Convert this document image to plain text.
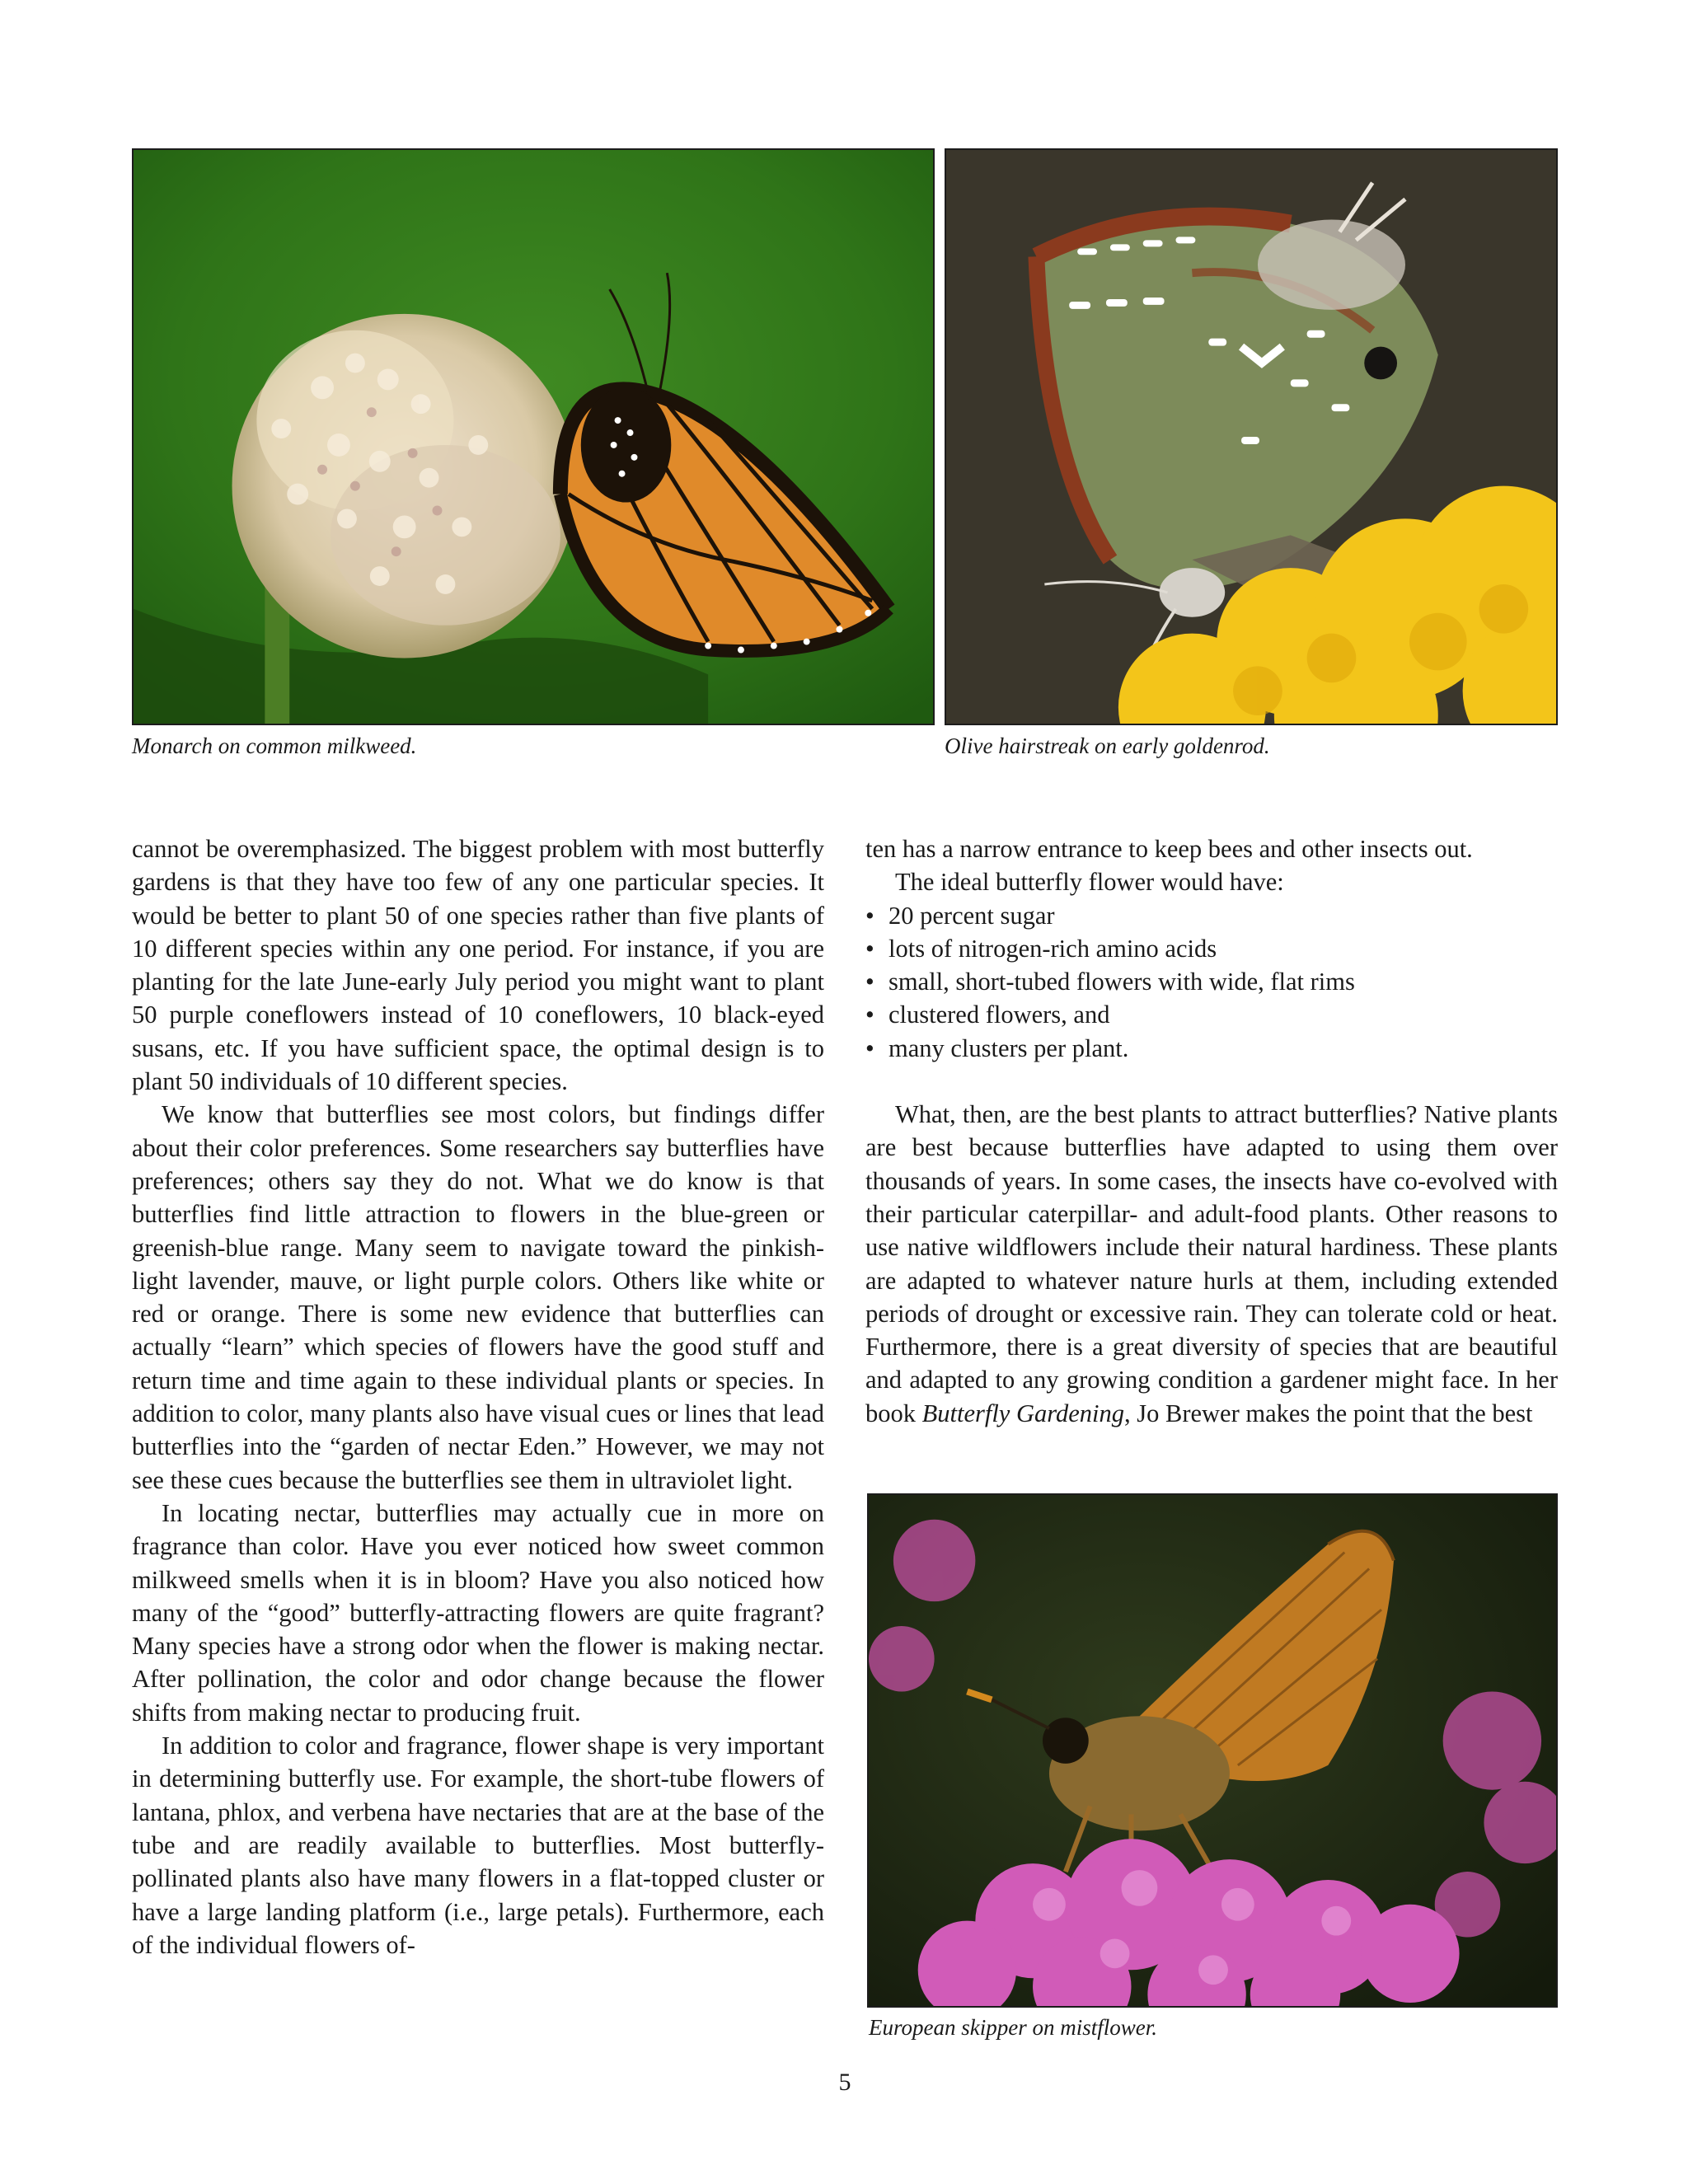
Monarch on common milkweed.	Olive hairstreak on early goldenrod.

cannot be overemphasized. The biggest problem with most butterfly gardens is that they have too few of any one particular species. It would be better to plant 50 of one species rather than five plants of 10 different species within any one period. For instance, if you are planting for the late June-early July period you might want to plant 50 purple coneflowers instead of 10 coneflowers, 10 black-eyed susans, etc. If you have sufficient space, the optimal design is to plant 50 individuals of 10 different species.

We know that butterflies see most colors, but findings differ about their color preferences. Some researchers say butterflies have preferences; others say they do not. What we do know is that butterflies find little attraction to flowers in the blue-green or greenish-blue range. Many seem to navigate toward the pinkish-light lavender, mauve, or light purple colors. Others like white or red or orange. There is some new evidence that butterflies can actually “learn” which species of flowers have the good stuff and return time and time again to these individual plants or species. In addition to color, many plants also have visual cues or lines that lead butterflies into the “garden of nectar Eden.” However, we may not see these cues because the butterflies see them in ultraviolet light.

In locating nectar, butterflies may actually cue in more on fragrance than color. Have you ever noticed how sweet common milkweed smells when it is in bloom? Have you also noticed how many of the “good” butterfly-attracting flowers are quite fragrant? Many species have a strong odor when the flower is making nectar. After pollination, the color and odor change because the flower shifts from making nectar to producing fruit.

In addition to color and fragrance, flower shape is very important in determining butterfly use. For example, the short-tube flowers of lantana, phlox, and verbena have nectaries that are at the base of the tube and are readily available to butterflies. Most butterfly-pollinated plants also have many flowers in a flat-topped cluster or have a large landing platform (i.e., large petals). Furthermore, each of the individual flowers of-

ten has a narrow entrance to keep bees and other insects out.

The ideal butterfly flower would have:

• 20 percent sugar
• lots of nitrogen-rich amino acids
• small, short-tubed flowers with wide, flat rims
• clustered flowers, and
• many clusters per plant.

What, then, are the best plants to attract butterflies? Native plants are best because butterflies have adapted to using them over thousands of years. In some cases, the insects have co-evolved with their particular caterpillar- and adult-food plants. Other reasons to use native wildflowers include their natural hardiness. These plants are adapted to whatever nature hurls at them, including extended periods of drought or excessive rain. They can tolerate cold or heat. Furthermore, there is a great diversity of species that are beautiful and adapted to any growing condition a gardener might face. In her book Butterfly Gardening, Jo Brewer makes the point that the best

European skipper on mistflower.
5
